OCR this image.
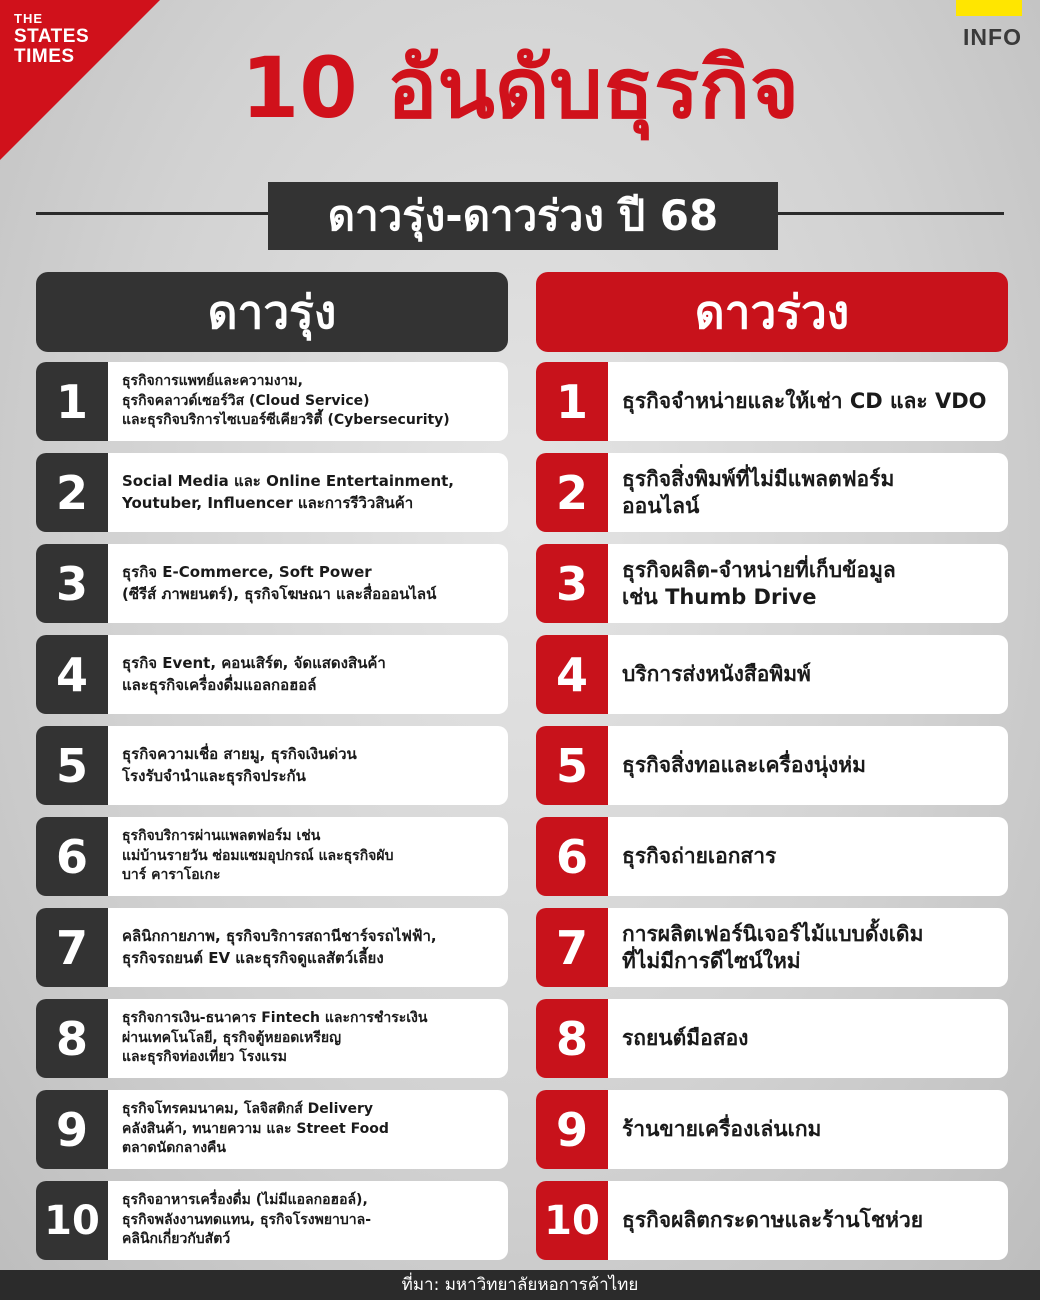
THE
STATES
TIMES
INFO
10 อันดับธุรกิจ
ดาวรุ่ง-ดาวร่วง ปี 68
ดาวรุ่ง	ดาวร่วง
1	ธุรกิจการแพทย์และความงาม,
ธุรกิจคลาวด์เซอร์วิส (Cloud Service)
และธุรกิจบริการไซเบอร์ซีเคียวริตี้ (Cybersecurity)
2	Social Media และ Online Entertainment,
Youtuber, Influencer และการรีวิวสินค้า
3	ธุรกิจ E-Commerce, Soft Power
(ซีรีส์ ภาพยนตร์), ธุรกิจโฆษณา และสื่อออนไลน์
4	ธุรกิจ Event, คอนเสิร์ต, จัดแสดงสินค้า
และธุรกิจเครื่องดื่มแอลกอฮอล์
5	ธุรกิจความเชื่อ สายมู, ธุรกิจเงินด่วน
โรงรับจำนำและธุรกิจประกัน
6	ธุรกิจบริการผ่านแพลตฟอร์ม เช่น
แม่บ้านรายวัน ซ่อมแซมอุปกรณ์ และธุรกิจผับ
บาร์ คาราโอเกะ
7	คลินิกกายภาพ, ธุรกิจบริการสถานีชาร์จรถไฟฟ้า,
ธุรกิจรถยนต์ EV และธุรกิจดูแลสัตว์เลี้ยง
8	ธุรกิจการเงิน-ธนาคาร Fintech และการชำระเงิน
ผ่านเทคโนโลยี, ธุรกิจตู้หยอดเหรียญ
และธุรกิจท่องเที่ยว โรงแรม
9	ธุรกิจโทรคมนาคม, โลจิสติกส์ Delivery
คลังสินค้า, ทนายความ และ Street Food
ตลาดนัดกลางคืน
10	ธุรกิจอาหารเครื่องดื่ม (ไม่มีแอลกอฮอล์),
ธุรกิจพลังงานทดแทน, ธุรกิจโรงพยาบาล-
คลินิกเกี่ยวกับสัตว์
1	ธุรกิจจำหน่ายและให้เช่า CD และ VDO
2	ธุรกิจสิ่งพิมพ์ที่ไม่มีแพลตฟอร์ม
ออนไลน์
3	ธุรกิจผลิต-จำหน่ายที่เก็บข้อมูล
เช่น Thumb Drive
4	บริการส่งหนังสือพิมพ์
5	ธุรกิจสิ่งทอและเครื่องนุ่งห่ม
6	ธุรกิจถ่ายเอกสาร
7	การผลิตเฟอร์นิเจอร์ไม้แบบดั้งเดิม
ที่ไม่มีการดีไซน์ใหม่
8	รถยนต์มือสอง
9	ร้านขายเครื่องเล่นเกม
10	ธุรกิจผลิตกระดาษและร้านโชห่วย
ที่มา: มหาวิทยาลัยหอการค้าไทย
